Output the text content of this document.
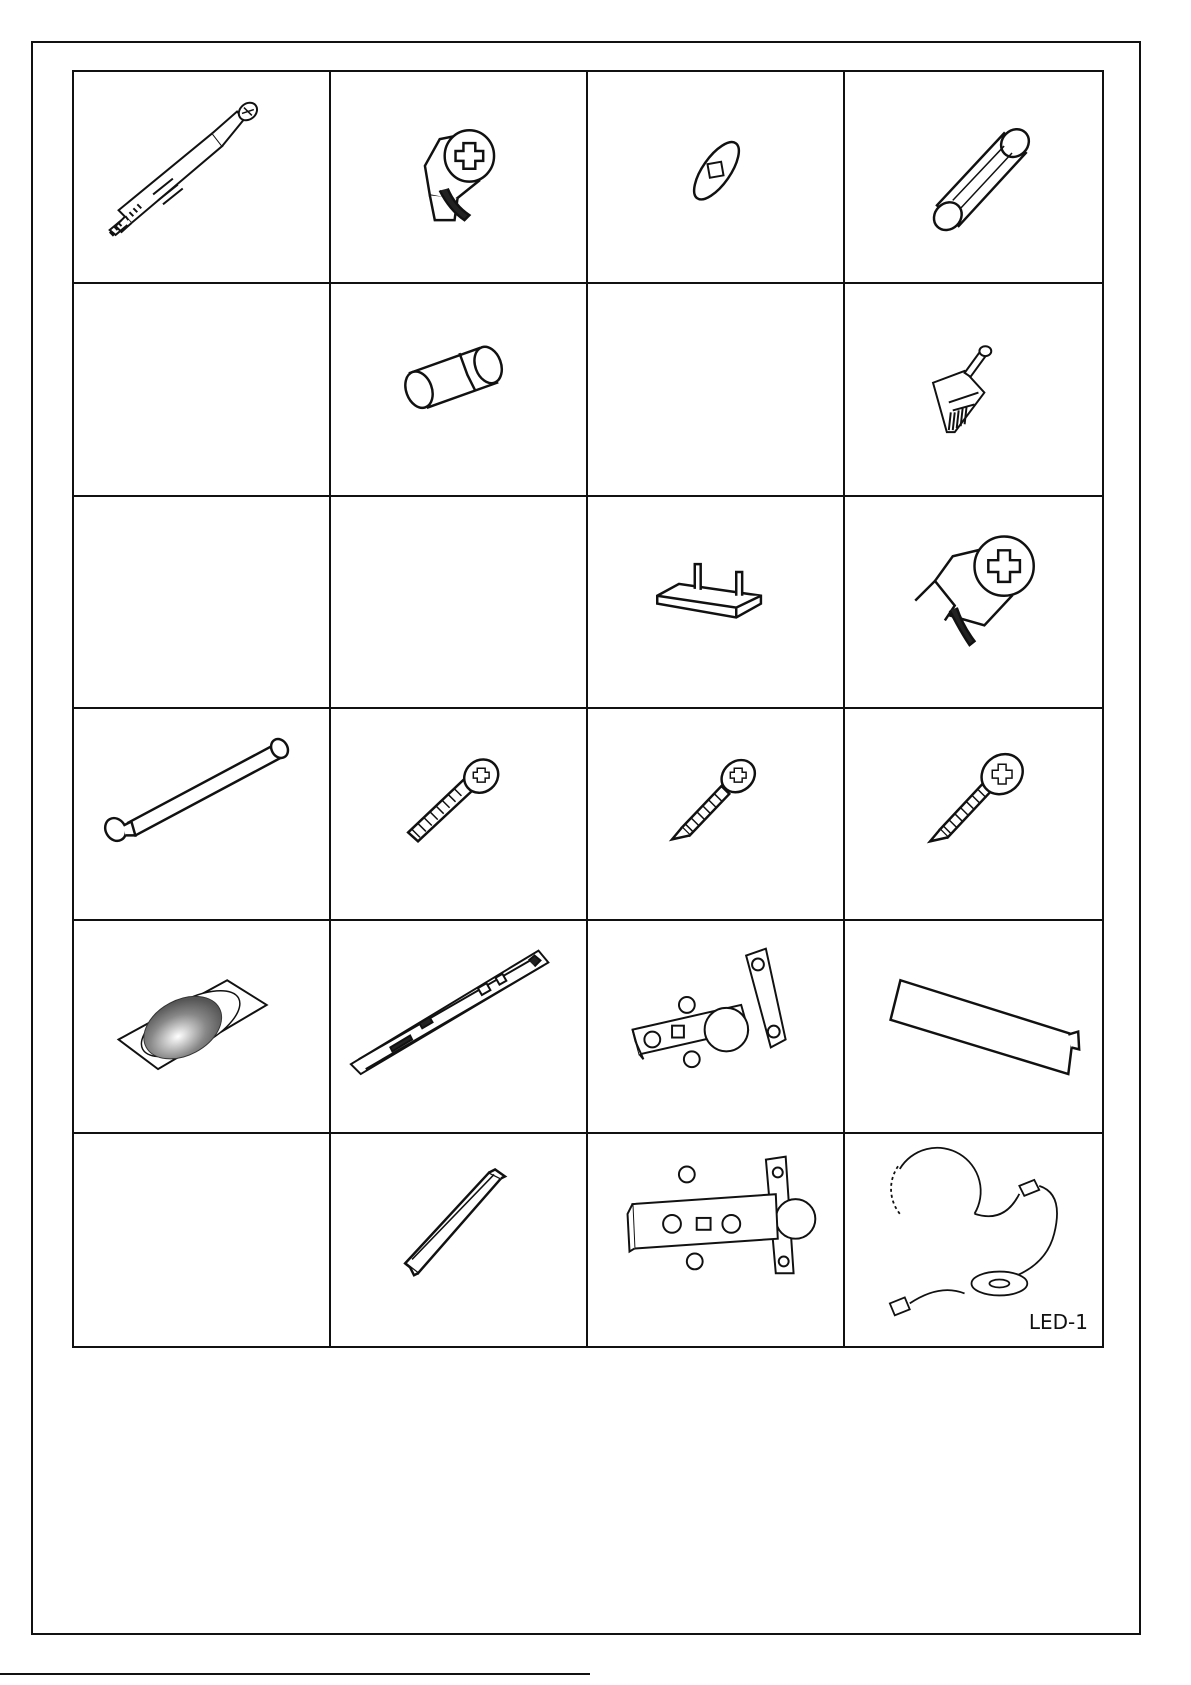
LED-1
